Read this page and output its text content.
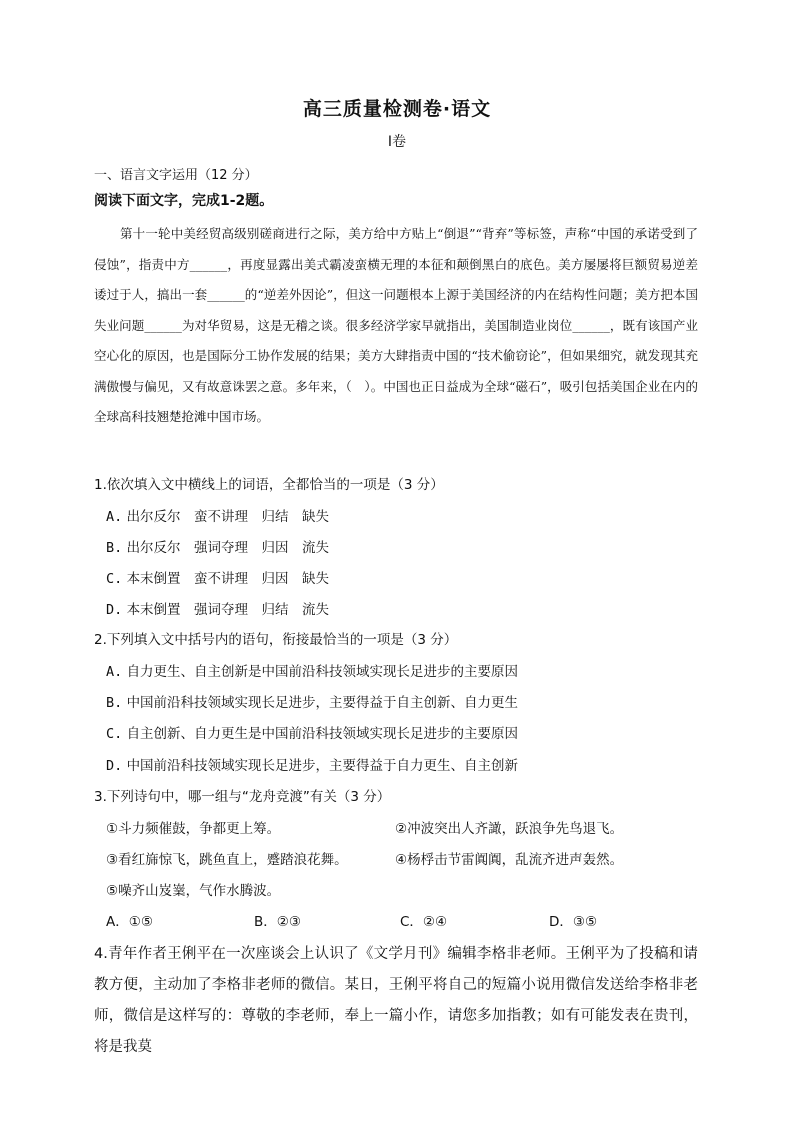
高三质量检测卷·语文
Ⅰ卷
一、语言文字运用（12 分）
阅读下面文字，完成1-2题。

第十一轮中美经贸高级别磋商进行之际，美方给中方贴上“倒退”“背弃”等标签，声称“中国的承诺受到了侵蚀”，指责中方______，再度显露出美式霸凌蛮横无理的本征和颠倒黑白的底色。美方屡屡将巨额贸易逆差诿过于人，搞出一套______的“逆差外因论”，但这一问题根本上源于美国经济的内在结构性问题；美方把本国失业问题______为对华贸易，这是无稽之谈。很多经济学家早就指出，美国制造业岗位______，既有该国产业空心化的原因，也是国际分工协作发展的结果；美方大肆指责中国的“技术偷窃论”，但如果细究，就发现其充满傲慢与偏见，又有故意诛罢之意。多年来，（　）。中国也正日益成为全球“磁石”，吸引包括美国企业在内的全球高科技翘楚抢滩中国市场。

1.依次填入文中横线上的词语，全都恰当的一项是（3 分）
A. 出尔反尔　蛮不讲理　归结　缺失
B. 出尔反尔　强词夺理　归因　流失
C. 本末倒置　蛮不讲理　归因　缺失
D. 本末倒置　强词夺理　归结　流失
2.下列填入文中括号内的语句，衔接最恰当的一项是（3 分）
A. 自力更生、自主创新是中国前沿科技领域实现长足进步的主要原因
B. 中国前沿科技领域实现长足进步，主要得益于自主创新、自力更生
C. 自主创新、自力更生是中国前沿科技领域实现长足进步的主要原因
D. 中国前沿科技领域实现长足进步，主要得益于自力更生、自主创新
3.下列诗句中，哪一组与“龙舟竞渡”有关（3 分）
①斗力频催鼓，争都更上筹。	②冲波突出人齐譀，跃浪争先鸟退飞。
③看红旆惊飞，跳鱼直上，蹙踏浪花舞。	④杨桴击节雷阗阗，乱流齐进声轰然。
⑤噪齐山岌嶪，气作水腾波。
A．①⑤	B．②③	C．②④	D．③⑤

4.青年作者王俐平在一次座谈会上认识了《文学月刊》编辑李格非老师。王俐平为了投稿和请教方便，主动加了李格非老师的微信。某日，王俐平将自己的短篇小说用微信发送给李格非老师，微信是这样写的：尊敬的李老师，奉上一篇小作，请您多加指教；如有可能发表在贵刊，将是我莫
